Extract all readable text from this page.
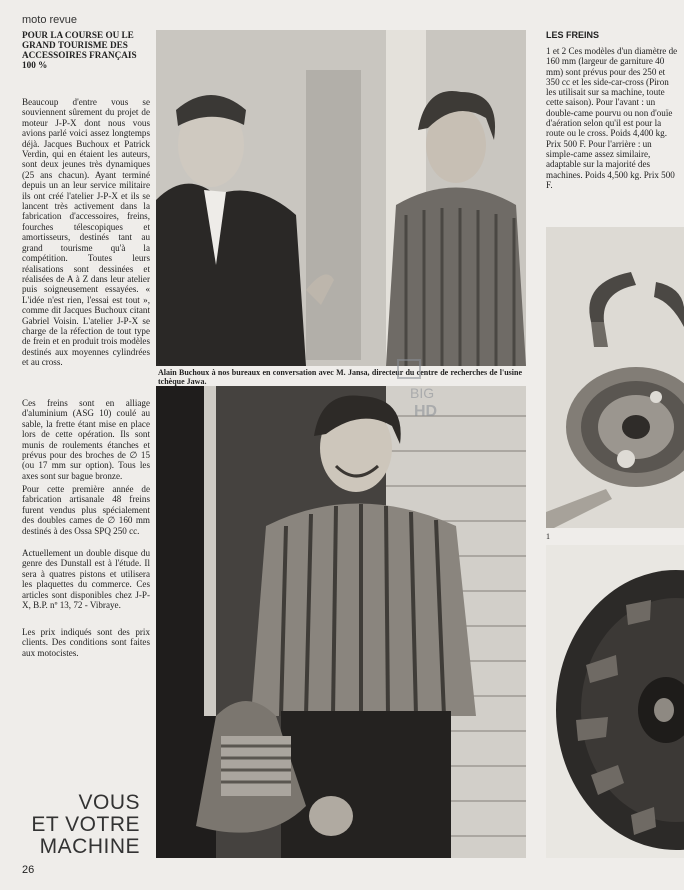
moto revue
POUR LA COURSE OU LE GRAND TOURISME DES ACCESSOIRES FRANÇAIS 100 %

Beaucoup d'entre vous se souviennent sûrement du projet de moteur J-P-X dont nous vous avions parlé voici assez longtemps déjà. Jacques Buchoux et Patrick Verdin, qui en étaient les auteurs, sont deux jeunes très dynamiques (25 ans chacun). Ayant terminé depuis un an leur service militaire ils ont créé l'atelier J-P-X et ils se lancent très activement dans la fabrication d'accessoires, freins, fourches télescopiques et amortisseurs, destinés tant au grand tourisme qu'à la compétition. Toutes leurs réalisations sont dessinées et réalisées de A à Z dans leur atelier puis soigneusement essayées. « L'idée n'est rien, l'essai est tout », comme dit Jacques Buchoux citant Gabriel Voisin. L'atelier J-P-X se charge de la réfection de tout type de frein et en produit trois modèles destinés aux moyennes cylindrées et au cross.

Ces freins sont en alliage d'aluminium (ASG 10) coulé au sable, la frette étant mise en place lors de cette opération. Ils sont munis de roulements étanches et prévus pour des broches de ∅ 15 (ou 17 mm sur option). Tous les axes sont sur bague bronze.

Pour cette première année de fabrication artisanale 48 freins furent vendus plus spécialement des doubles cames de ∅ 160 mm destinés à des Ossa SPQ 250 cc.

Actuellement un double disque du genre des Dunstall est à l'étude. Il sera à quatres pistons et utilisera les plaquettes du commerce. Ces articles sont disponibles chez J-P-X, B.P. nº 13, 72 - Vibraye.

Les prix indiqués sont des prix clients. Des conditions sont faites aux motocistes.

VOUS
ET VOTRE
MACHINE
26
Alain Buchoux à nos bureaux en conversation avec M. Jansa, directeur du centre de recherches de l'usine tchèque Jawa.
BIG
HD
LES FREINS

1 et 2 Ces modèles d'un diamètre de 160 mm (largeur de garniture 40 mm) sont prévus pour des 250 et 350 cc et les side-car-cross (Piron les utilisait sur sa machine, toute cette saison). Pour l'avant : un double-came pourvu ou non d'ouïe d'aération selon qu'il est pour la route ou le cross. Poids 4,400 kg. Prix 500 F. Pour l'arrière : un simple-came assez similaire, adaptable sur la majorité des machines. Poids 4,500 kg. Prix 500 F.

1
